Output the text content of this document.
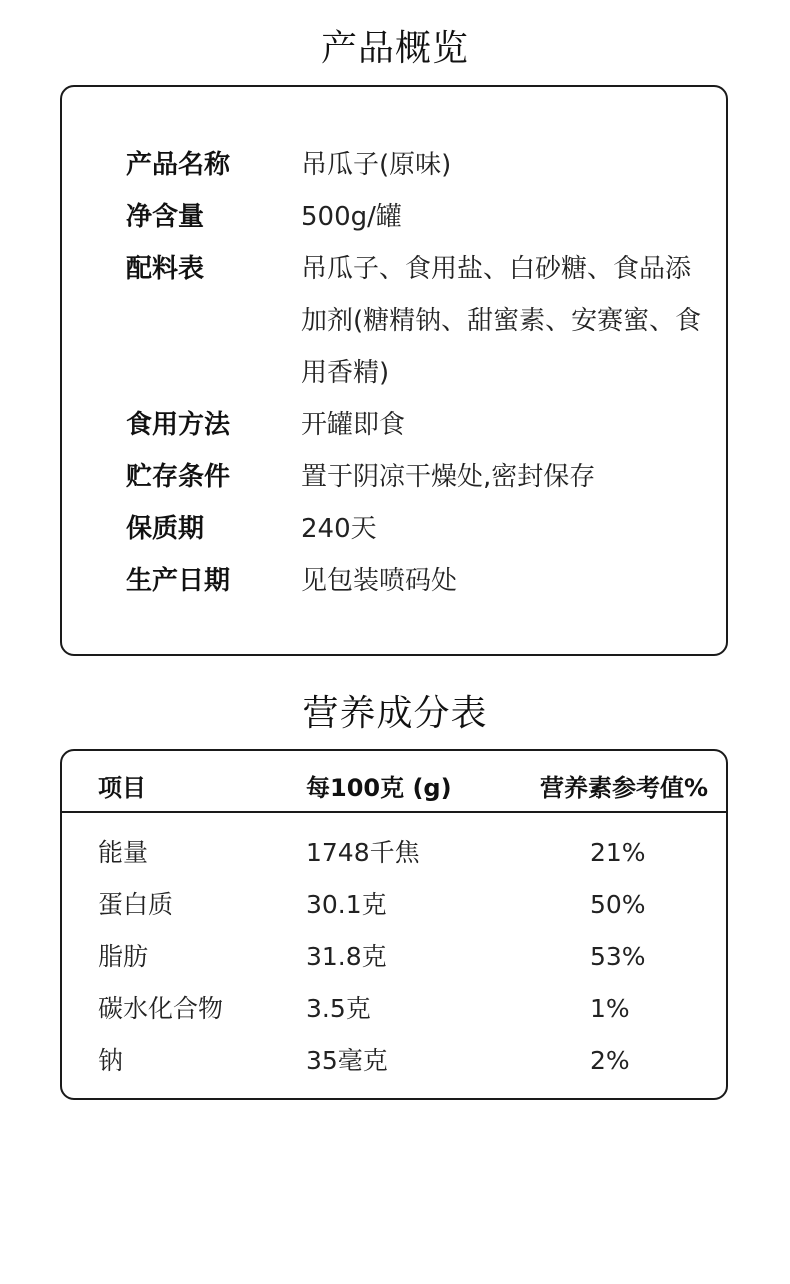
产品概览
产品名称	吊瓜子(原味)
净含量	500g/罐
配料表	吊瓜子、食用盐、白砂糖、食品添加剂(糖精钠、甜蜜素、安赛蜜、食用香精)
食用方法	开罐即食
贮存条件	置于阴凉干燥处,密封保存
保质期	240天
生产日期	见包装喷码处
营养成分表
项目	每100克 (g)	营养素参考值%
能量	1748千焦	21%
蛋白质	30.1克	50%
脂肪	31.8克	53%
碳水化合物	3.5克	1%
钠	35毫克	2%
